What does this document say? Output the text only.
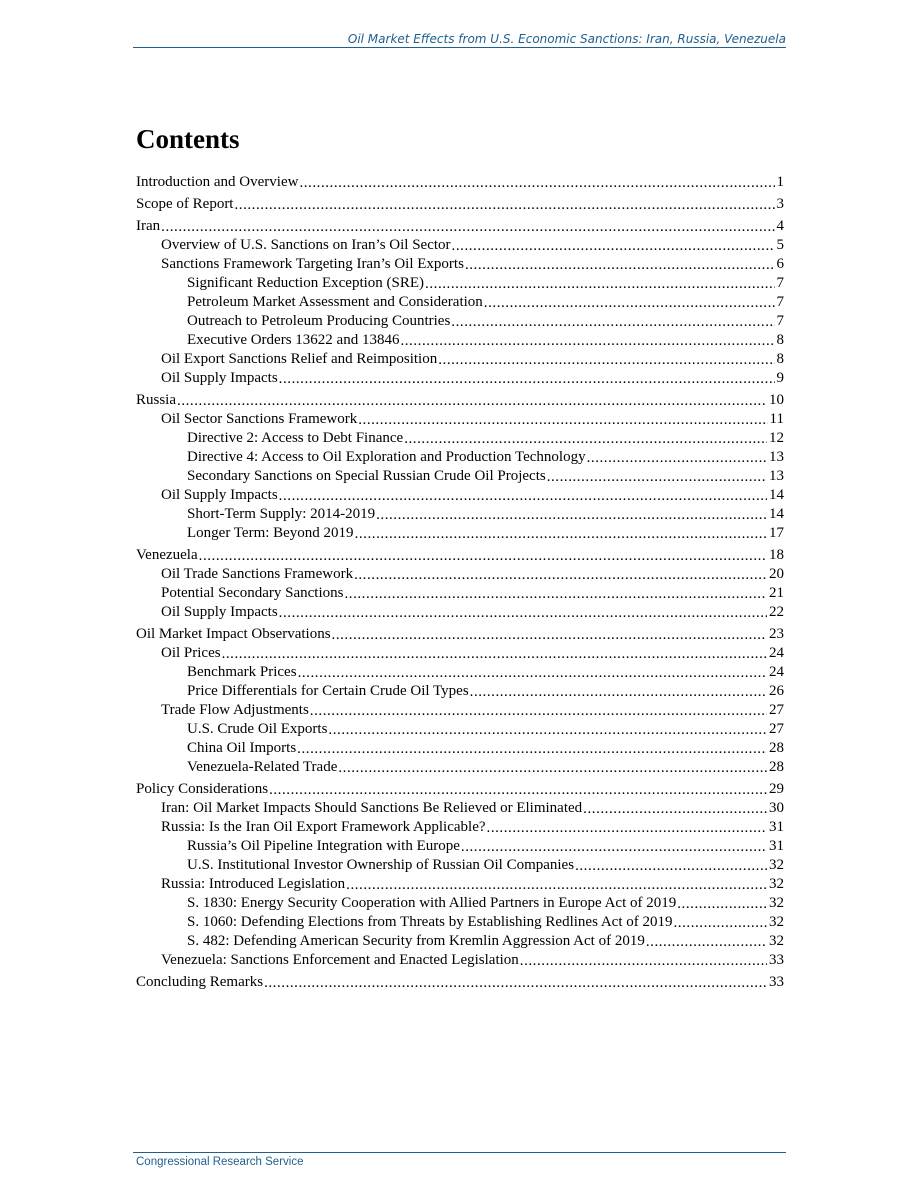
Oil Market Effects from U.S. Economic Sanctions: Iran, Russia, Venezuela
Contents
Introduction and Overview . . .	1
Scope of Report . . .	3
Iran . . .	4
Overview of U.S. Sanctions on Iran’s Oil Sector . . .	5
Sanctions Framework Targeting Iran’s Oil Exports . . .	6
Significant Reduction Exception (SRE) . . .	7
Petroleum Market Assessment and Consideration . . .	7
Outreach to Petroleum Producing Countries . . .	7
Executive Orders 13622 and 13846 . . .	8
Oil Export Sanctions Relief and Reimposition . . .	8
Oil Supply Impacts . . .	9
Russia . . .	10
Oil Sector Sanctions Framework . . .	11
Directive 2: Access to Debt Finance . . .	12
Directive 4: Access to Oil Exploration and Production Technology . . .	13
Secondary Sanctions on Special Russian Crude Oil Projects . . .	13
Oil Supply Impacts . . .	14
Short-Term Supply: 2014-2019 . . .	14
Longer Term: Beyond 2019 . . .	17
Venezuela . . .	18
Oil Trade Sanctions Framework . . .	20
Potential Secondary Sanctions . . .	21
Oil Supply Impacts . . .	22
Oil Market Impact Observations . . .	23
Oil Prices . . .	24
Benchmark Prices . . .	24
Price Differentials for Certain Crude Oil Types . . .	26
Trade Flow Adjustments . . .	27
U.S. Crude Oil Exports . . .	27
China Oil Imports . . .	28
Venezuela-Related Trade . . .	28
Policy Considerations . . .	29
Iran: Oil Market Impacts Should Sanctions Be Relieved or Eliminated . . .	30
Russia: Is the Iran Oil Export Framework Applicable? . . .	31
Russia’s Oil Pipeline Integration with Europe . . .	31
U.S. Institutional Investor Ownership of Russian Oil Companies . . .	32
Russia: Introduced Legislation . . .	32
S. 1830: Energy Security Cooperation with Allied Partners in Europe Act of 2019 . . .	32
S. 1060: Defending Elections from Threats by Establishing Redlines Act of 2019 . . .	32
S. 482: Defending American Security from Kremlin Aggression Act of 2019 . . .	32
Venezuela: Sanctions Enforcement and Enacted Legislation . . .	33
Concluding Remarks . . .	33
Congressional Research Service
